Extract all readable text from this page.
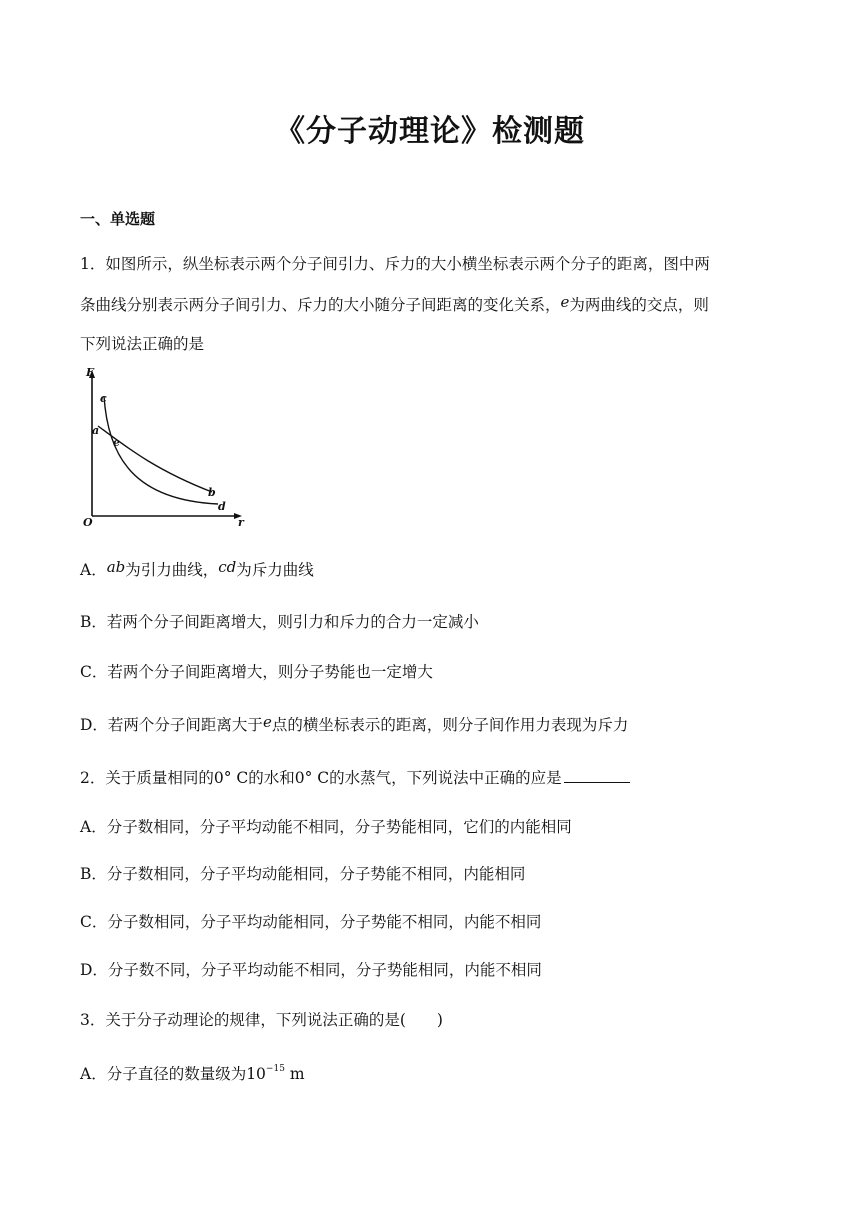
《分子动理论》检测题
一、单选题
1．如图所示，纵坐标表示两个分子间引力、斥力的大小横坐标表示两个分子的距离，图中两
条曲线分别表示两分子间引力、斥力的大小随分子间距离的变化关系，e为两曲线的交点，则
下列说法正确的是
F
O	r
c
a
e
b
d
A．ab为引力曲线，cd为斥力曲线
B．若两个分子间距离增大，则引力和斥力的合力一定减小
C．若两个分子间距离增大，则分子势能也一定增大
D．若两个分子间距离大于e点的横坐标表示的距离，则分子间作用力表现为斥力
2．关于质量相同的0° C的水和0° C的水蒸气，下列说法中正确的应是
A．分子数相同，分子平均动能不相同，分子势能相同，它们的内能相同
B．分子数相同，分子平均动能相同，分子势能不相同，内能相同
C．分子数相同，分子平均动能相同，分子势能不相同，内能不相同
D．分子数不同，分子平均动能不相同，分子势能相同，内能不相同
3．关于分子动理论的规律，下列说法正确的是(　　)
A．分子直径的数量级为$10^{-15}$ m
